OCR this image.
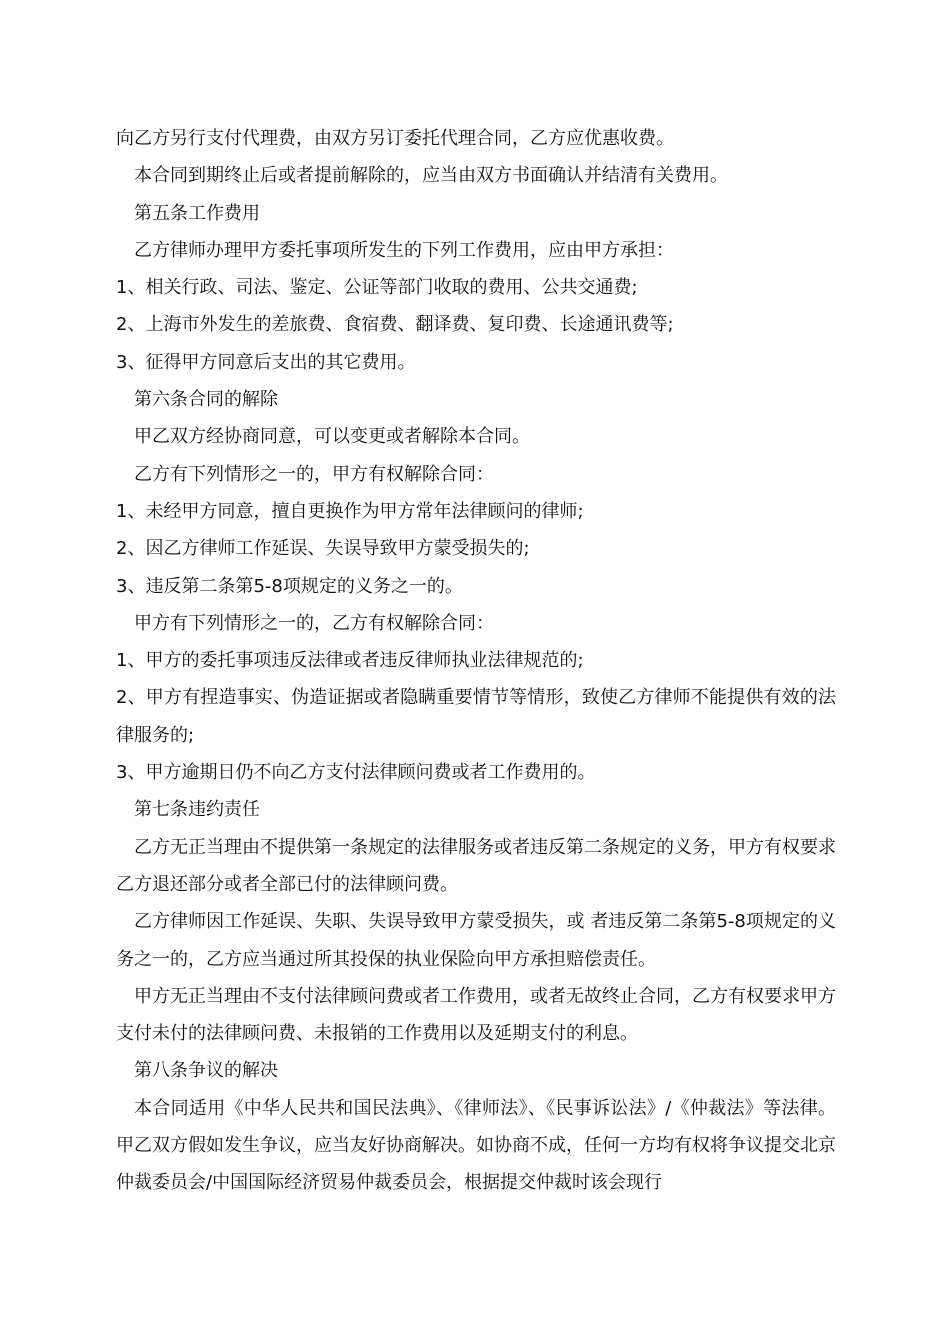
向乙方另行支付代理费，由双方另订委托代理合同，乙方应优惠收费。

本合同到期终止后或者提前解除的，应当由双方书面确认并结清有关费用。

第五条工作费用

乙方律师办理甲方委托事项所发生的下列工作费用，应由甲方承担：

1、相关行政、司法、鉴定、公证等部门收取的费用、公共交通费;

2、上海市外发生的差旅费、食宿费、翻译费、复印费、长途通讯费等;

3、征得甲方同意后支出的其它费用。

第六条合同的解除

甲乙双方经协商同意，可以变更或者解除本合同。

乙方有下列情形之一的，甲方有权解除合同：

1、未经甲方同意，擅自更换作为甲方常年法律顾问的律师;

2、因乙方律师工作延误、失误导致甲方蒙受损失的;

3、违反第二条第5-8项规定的义务之一的。

甲方有下列情形之一的，乙方有权解除合同：

1、甲方的委托事项违反法律或者违反律师执业法律规范的;

2、甲方有捏造事实、伪造证据或者隐瞒重要情节等情形，致使乙方律师不能提供有效的法律服务的;

3、甲方逾期日仍不向乙方支付法律顾问费或者工作费用的。

第七条违约责任

乙方无正当理由不提供第一条规定的法律服务或者违反第二条规定的义务，甲方有权要求乙方退还部分或者全部已付的法律顾问费。

乙方律师因工作延误、失职、失误导致甲方蒙受损失，或 者违反第二条第5-8项规定的义务之一的，乙方应当通过所其投保的执业保险向甲方承担赔偿责任。

甲方无正当理由不支付法律顾问费或者工作费用，或者无故终止合同，乙方有权要求甲方支付未付的法律顾问费、未报销的工作费用以及延期支付的利息。

第八条争议的解决

本合同适用《中华人民共和国民法典》、《律师法》、《民事诉讼法》/《仲裁法》等法律。甲乙双方假如发生争议，应当友好协商解决。如协商不成，任何一方均有权将争议提交北京仲裁委员会/中国国际经济贸易仲裁委员会，根据提交仲裁时该会现行
